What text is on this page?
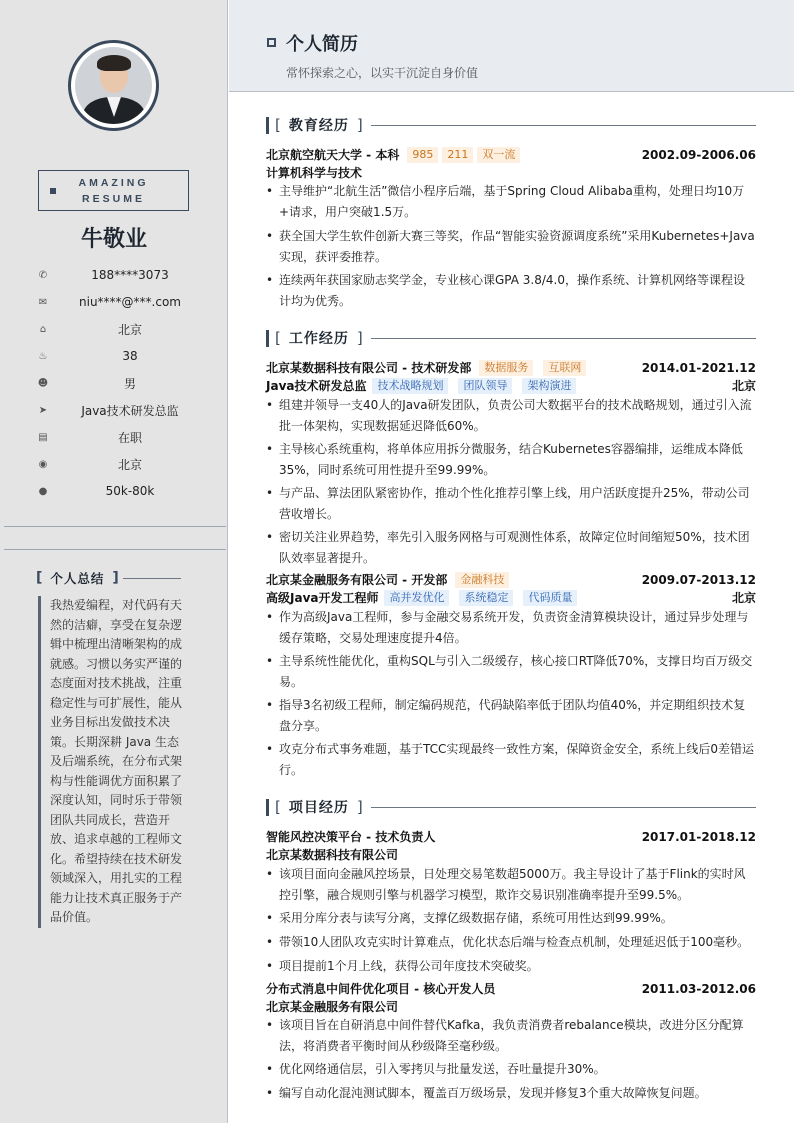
AMAZING
RESUME
牛敬业
✆	188****3073
✉	niu****@***.com
⌂	北京
♨	38
☻	男
➤	Java技术研发总监
▤	在职
◉	北京
●	50k-80k
[ 个人总结 ]
我热爱编程，对代码有天然的洁癖，享受在复杂逻辑中梳理出清晰架构的成就感。习惯以务实严谨的态度面对技术挑战，注重稳定性与可扩展性，能从业务目标出发做技术决策。长期深耕 Java 生态及后端系统，在分布式架构与性能调优方面积累了深度认知，同时乐于带领团队共同成长，营造开放、追求卓越的工程师文化。希望持续在技术研发领域深入，用扎实的工程能力让技术真正服务于产品价值。
个人简历
常怀探索之心，以实干沉淀自身价值
[ 教育经历 ]
北京航空航天大学 - 本科	985	211	双一流	2002.09-2006.06
计算机科学与技术
• 主导维护“北航生活”微信小程序后端，基于Spring Cloud Alibaba重构，处理日均10万+请求，用户突破1.5万。
• 获全国大学生软件创新大赛三等奖，作品“智能实验资源调度系统”采用Kubernetes+Java实现，获评委推荐。
• 连续两年获国家励志奖学金，专业核心课GPA 3.8/4.0，操作系统、计算机网络等课程设计均为优秀。
[ 工作经历 ]
北京某数据科技有限公司 - 技术研发部	数据服务	互联网	2014.01-2021.12
Java技术研发总监	技术战略规划	团队领导	架构演进	北京
• 组建并领导一支40人的Java研发团队，负责公司大数据平台的技术战略规划，通过引入流批一体架构，实现数据延迟降低60%。
• 主导核心系统重构，将单体应用拆分微服务，结合Kubernetes容器编排，运维成本降低35%，同时系统可用性提升至99.99%。
• 与产品、算法团队紧密协作，推动个性化推荐引擎上线，用户活跃度提升25%，带动公司营收增长。
• 密切关注业界趋势，率先引入服务网格与可观测性体系，故障定位时间缩短50%，技术团队效率显著提升。
北京某金融服务有限公司 - 开发部	金融科技	2009.07-2013.12
高级Java开发工程师	高并发优化	系统稳定	代码质量	北京
• 作为高级Java工程师，参与金融交易系统开发，负责资金清算模块设计，通过异步处理与缓存策略，交易处理速度提升4倍。
• 主导系统性能优化，重构SQL与引入二级缓存，核心接口RT降低70%，支撑日均百万级交易。
• 指导3名初级工程师，制定编码规范，代码缺陷率低于团队均值40%，并定期组织技术复盘分享。
• 攻克分布式事务难题，基于TCC实现最终一致性方案，保障资金安全，系统上线后0差错运行。
[ 项目经历 ]
智能风控决策平台 - 技术负责人	2017.01-2018.12
北京某数据科技有限公司
• 该项目面向金融风控场景，日处理交易笔数超5000万。我主导设计了基于Flink的实时风控引擎，融合规则引擎与机器学习模型，欺诈交易识别准确率提升至99.5%。
• 采用分库分表与读写分离，支撑亿级数据存储，系统可用性达到99.99%。
• 带领10人团队攻克实时计算难点，优化状态后端与检查点机制，处理延迟低于100毫秒。
• 项目提前1个月上线，获得公司年度技术突破奖。
分布式消息中间件优化项目 - 核心开发人员	2011.03-2012.06
北京某金融服务有限公司
• 该项目旨在自研消息中间件替代Kafka，我负责消费者rebalance模块，改进分区分配算法，将消费者平衡时间从秒级降至毫秒级。
• 优化网络通信层，引入零拷贝与批量发送，吞吐量提升30%。
• 编写自动化混沌测试脚本，覆盖百万级场景，发现并修复3个重大故障恢复问题。
